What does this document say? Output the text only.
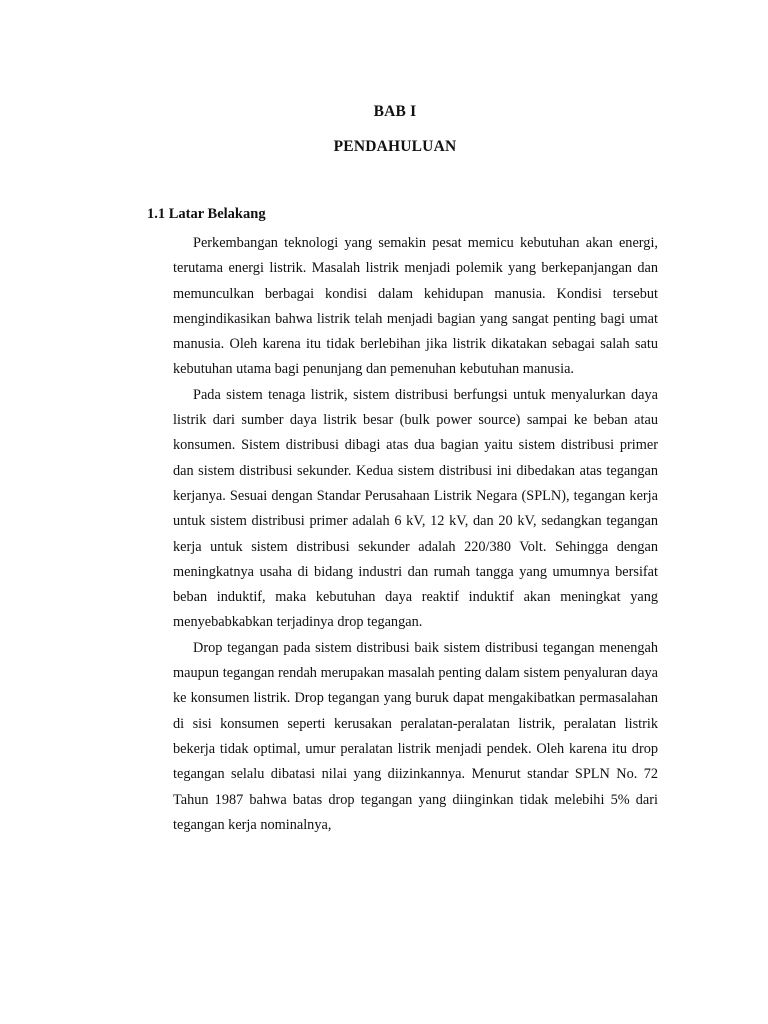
BAB I
PENDAHULUAN
1.1 Latar Belakang

Perkembangan teknologi yang semakin pesat memicu kebutuhan akan energi, terutama energi listrik. Masalah listrik menjadi polemik yang berkepanjangan dan memunculkan berbagai kondisi dalam kehidupan manusia. Kondisi tersebut mengindikasikan bahwa listrik telah menjadi bagian yang sangat penting bagi umat manusia. Oleh karena itu tidak berlebihan jika listrik dikatakan sebagai salah satu kebutuhan utama bagi penunjang dan pemenuhan kebutuhan manusia.

Pada sistem tenaga listrik, sistem distribusi berfungsi untuk menyalurkan daya listrik dari sumber daya listrik besar (bulk power source) sampai ke beban atau konsumen. Sistem distribusi dibagi atas dua bagian yaitu sistem distribusi primer dan sistem distribusi sekunder. Kedua sistem distribusi ini dibedakan atas tegangan kerjanya. Sesuai dengan Standar Perusahaan Listrik Negara (SPLN), tegangan kerja untuk sistem distribusi primer adalah 6 kV, 12 kV, dan 20 kV, sedangkan tegangan kerja untuk sistem distribusi sekunder adalah 220/380 Volt. Sehingga dengan meningkatnya usaha di bidang industri dan rumah tangga yang umumnya bersifat beban induktif, maka kebutuhan daya reaktif induktif akan meningkat yang menyebabkabkan terjadinya drop tegangan.

Drop tegangan pada sistem distribusi baik sistem distribusi tegangan menengah maupun tegangan rendah merupakan masalah penting dalam sistem penyaluran daya ke konsumen listrik. Drop tegangan yang buruk dapat mengakibatkan permasalahan di sisi konsumen seperti kerusakan peralatan-peralatan listrik, peralatan listrik bekerja tidak optimal, umur peralatan listrik menjadi pendek. Oleh karena itu drop tegangan selalu dibatasi nilai yang diizinkannya. Menurut standar SPLN No. 72 Tahun 1987 bahwa batas drop tegangan yang diinginkan tidak melebihi 5% dari tegangan kerja nominalnya,
